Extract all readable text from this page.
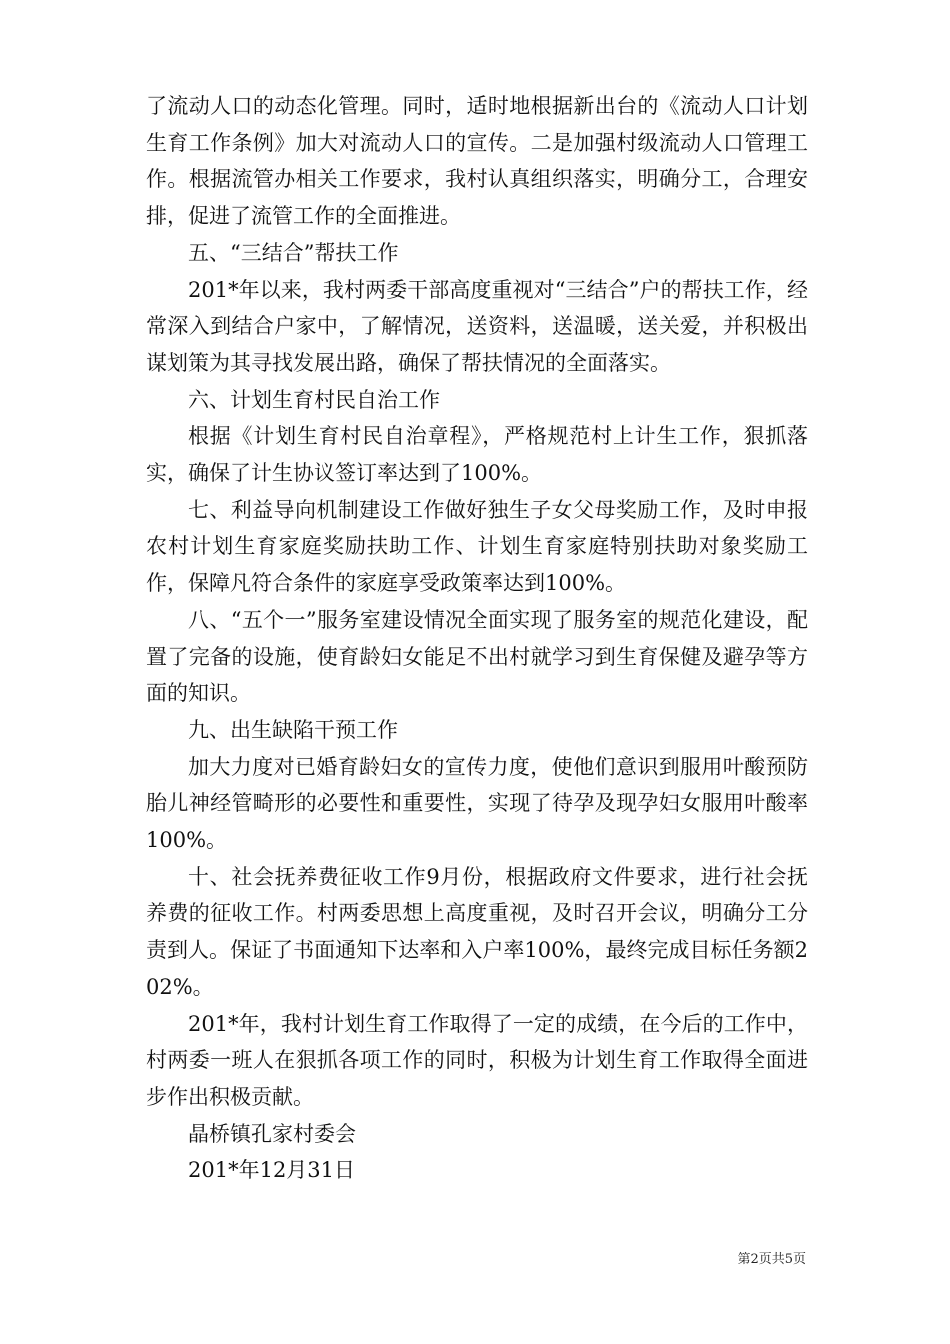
了流动人口的动态化管理。同时，适时地根据新出台的《流动人口计划生育工作条例》加大对流动人口的宣传。二是加强村级流动人口管理工作。根据流管办相关工作要求，我村认真组织落实，明确分工，合理安排，促进了流管工作的全面推进。

五、“三结合”帮扶工作

201*年以来，我村两委干部高度重视对“三结合”户的帮扶工作，经常深入到结合户家中，了解情况，送资料，送温暖，送关爱，并积极出谋划策为其寻找发展出路，确保了帮扶情况的全面落实。

六、计划生育村民自治工作

根据《计划生育村民自治章程》，严格规范村上计生工作，狠抓落实，确保了计生协议签订率达到了100%。

七、利益导向机制建设工作做好独生子女父母奖励工作，及时申报农村计划生育家庭奖励扶助工作、计划生育家庭特别扶助对象奖励工作，保障凡符合条件的家庭享受政策率达到100%。

八、“五个一”服务室建设情况全面实现了服务室的规范化建设，配置了完备的设施，使育龄妇女能足不出村就学习到生育保健及避孕等方面的知识。

九、出生缺陷干预工作

加大力度对已婚育龄妇女的宣传力度，使他们意识到服用叶酸预防胎儿神经管畸形的必要性和重要性，实现了待孕及现孕妇女服用叶酸率100%。

十、社会抚养费征收工作9月份，根据政府文件要求，进行社会抚养费的征收工作。村两委思想上高度重视，及时召开会议，明确分工分责到人。保证了书面通知下达率和入户率100%，最终完成目标任务额202%。

201*年，我村计划生育工作取得了一定的成绩，在今后的工作中，村两委一班人在狠抓各项工作的同时，积极为计划生育工作取得全面进步作出积极贡献。

晶桥镇孔家村委会

201*年12月31日

第2页共5页
